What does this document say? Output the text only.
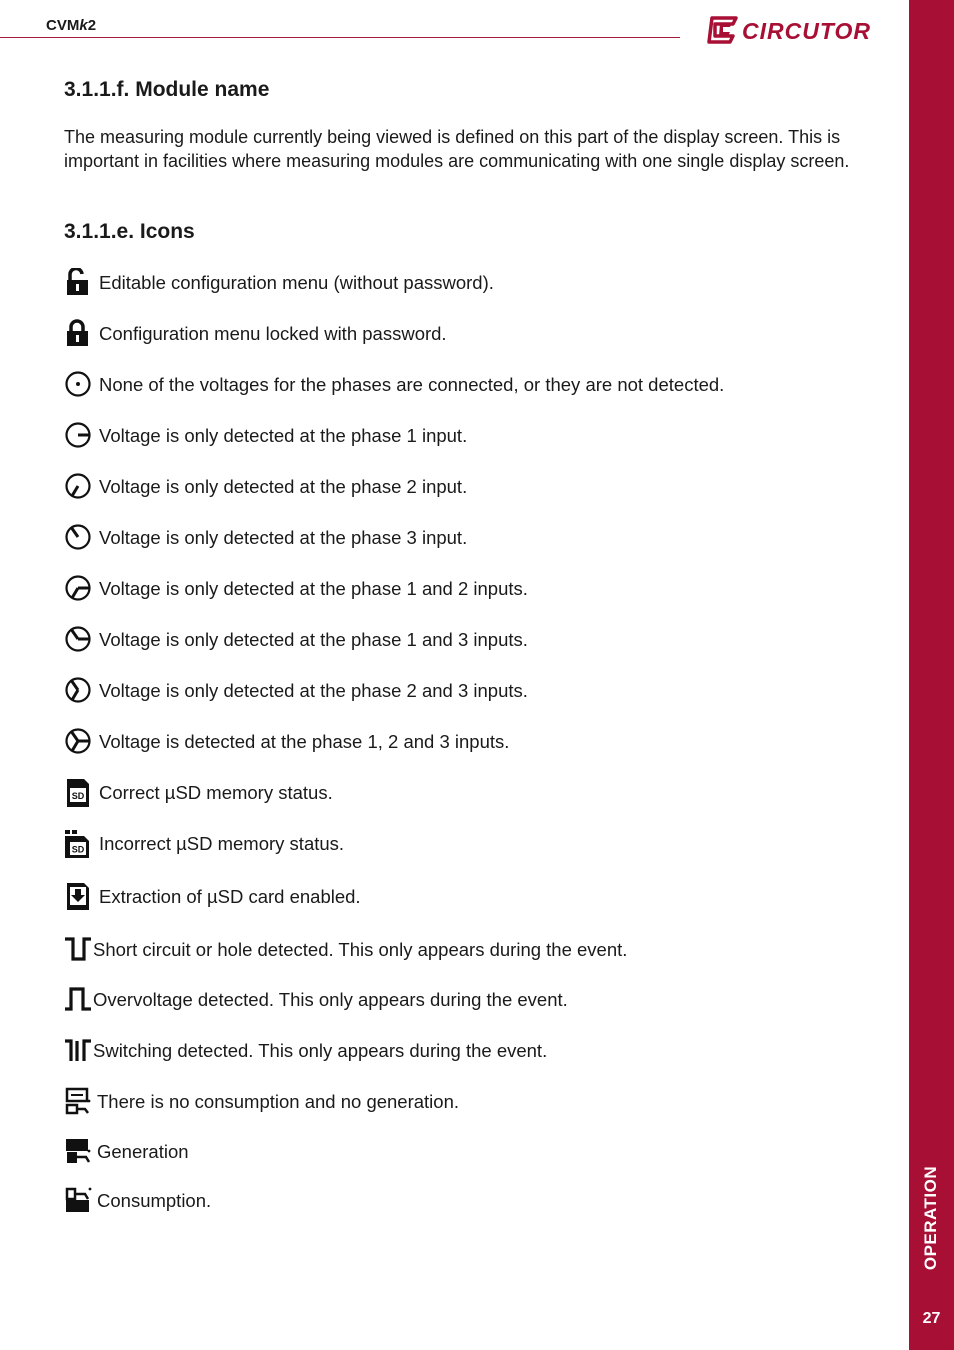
CVMk2	CIRCUTOR
OPERATION
27
3.1.1.f. Module name
The measuring module currently being viewed is defined on this part of the display screen. This is important in facilities where measuring modules are communicating with one single display screen.
3.1.1.e. Icons
Editable configuration menu (without password).
Configuration menu locked with password.
None of the voltages for the phases are connected, or they are not detected.
Voltage is only detected at the phase 1 input.
Voltage is only detected at the phase 2 input.
Voltage is only detected at the phase 3 input.
Voltage is only detected at the phase 1 and 2 inputs.
Voltage is only detected at the phase 1 and 3 inputs.
Voltage is only detected at the phase 2 and 3 inputs.
Voltage is detected at the phase 1, 2 and 3 inputs.
SD Correct µSD memory status.
SD Incorrect µSD memory status.
Extraction of µSD card enabled.
Short circuit or hole detected. This only appears during the event.
Overvoltage detected. This only appears during the event.
Switching detected. This only appears during the event.
There is no consumption and no generation.
Generation
Consumption.
